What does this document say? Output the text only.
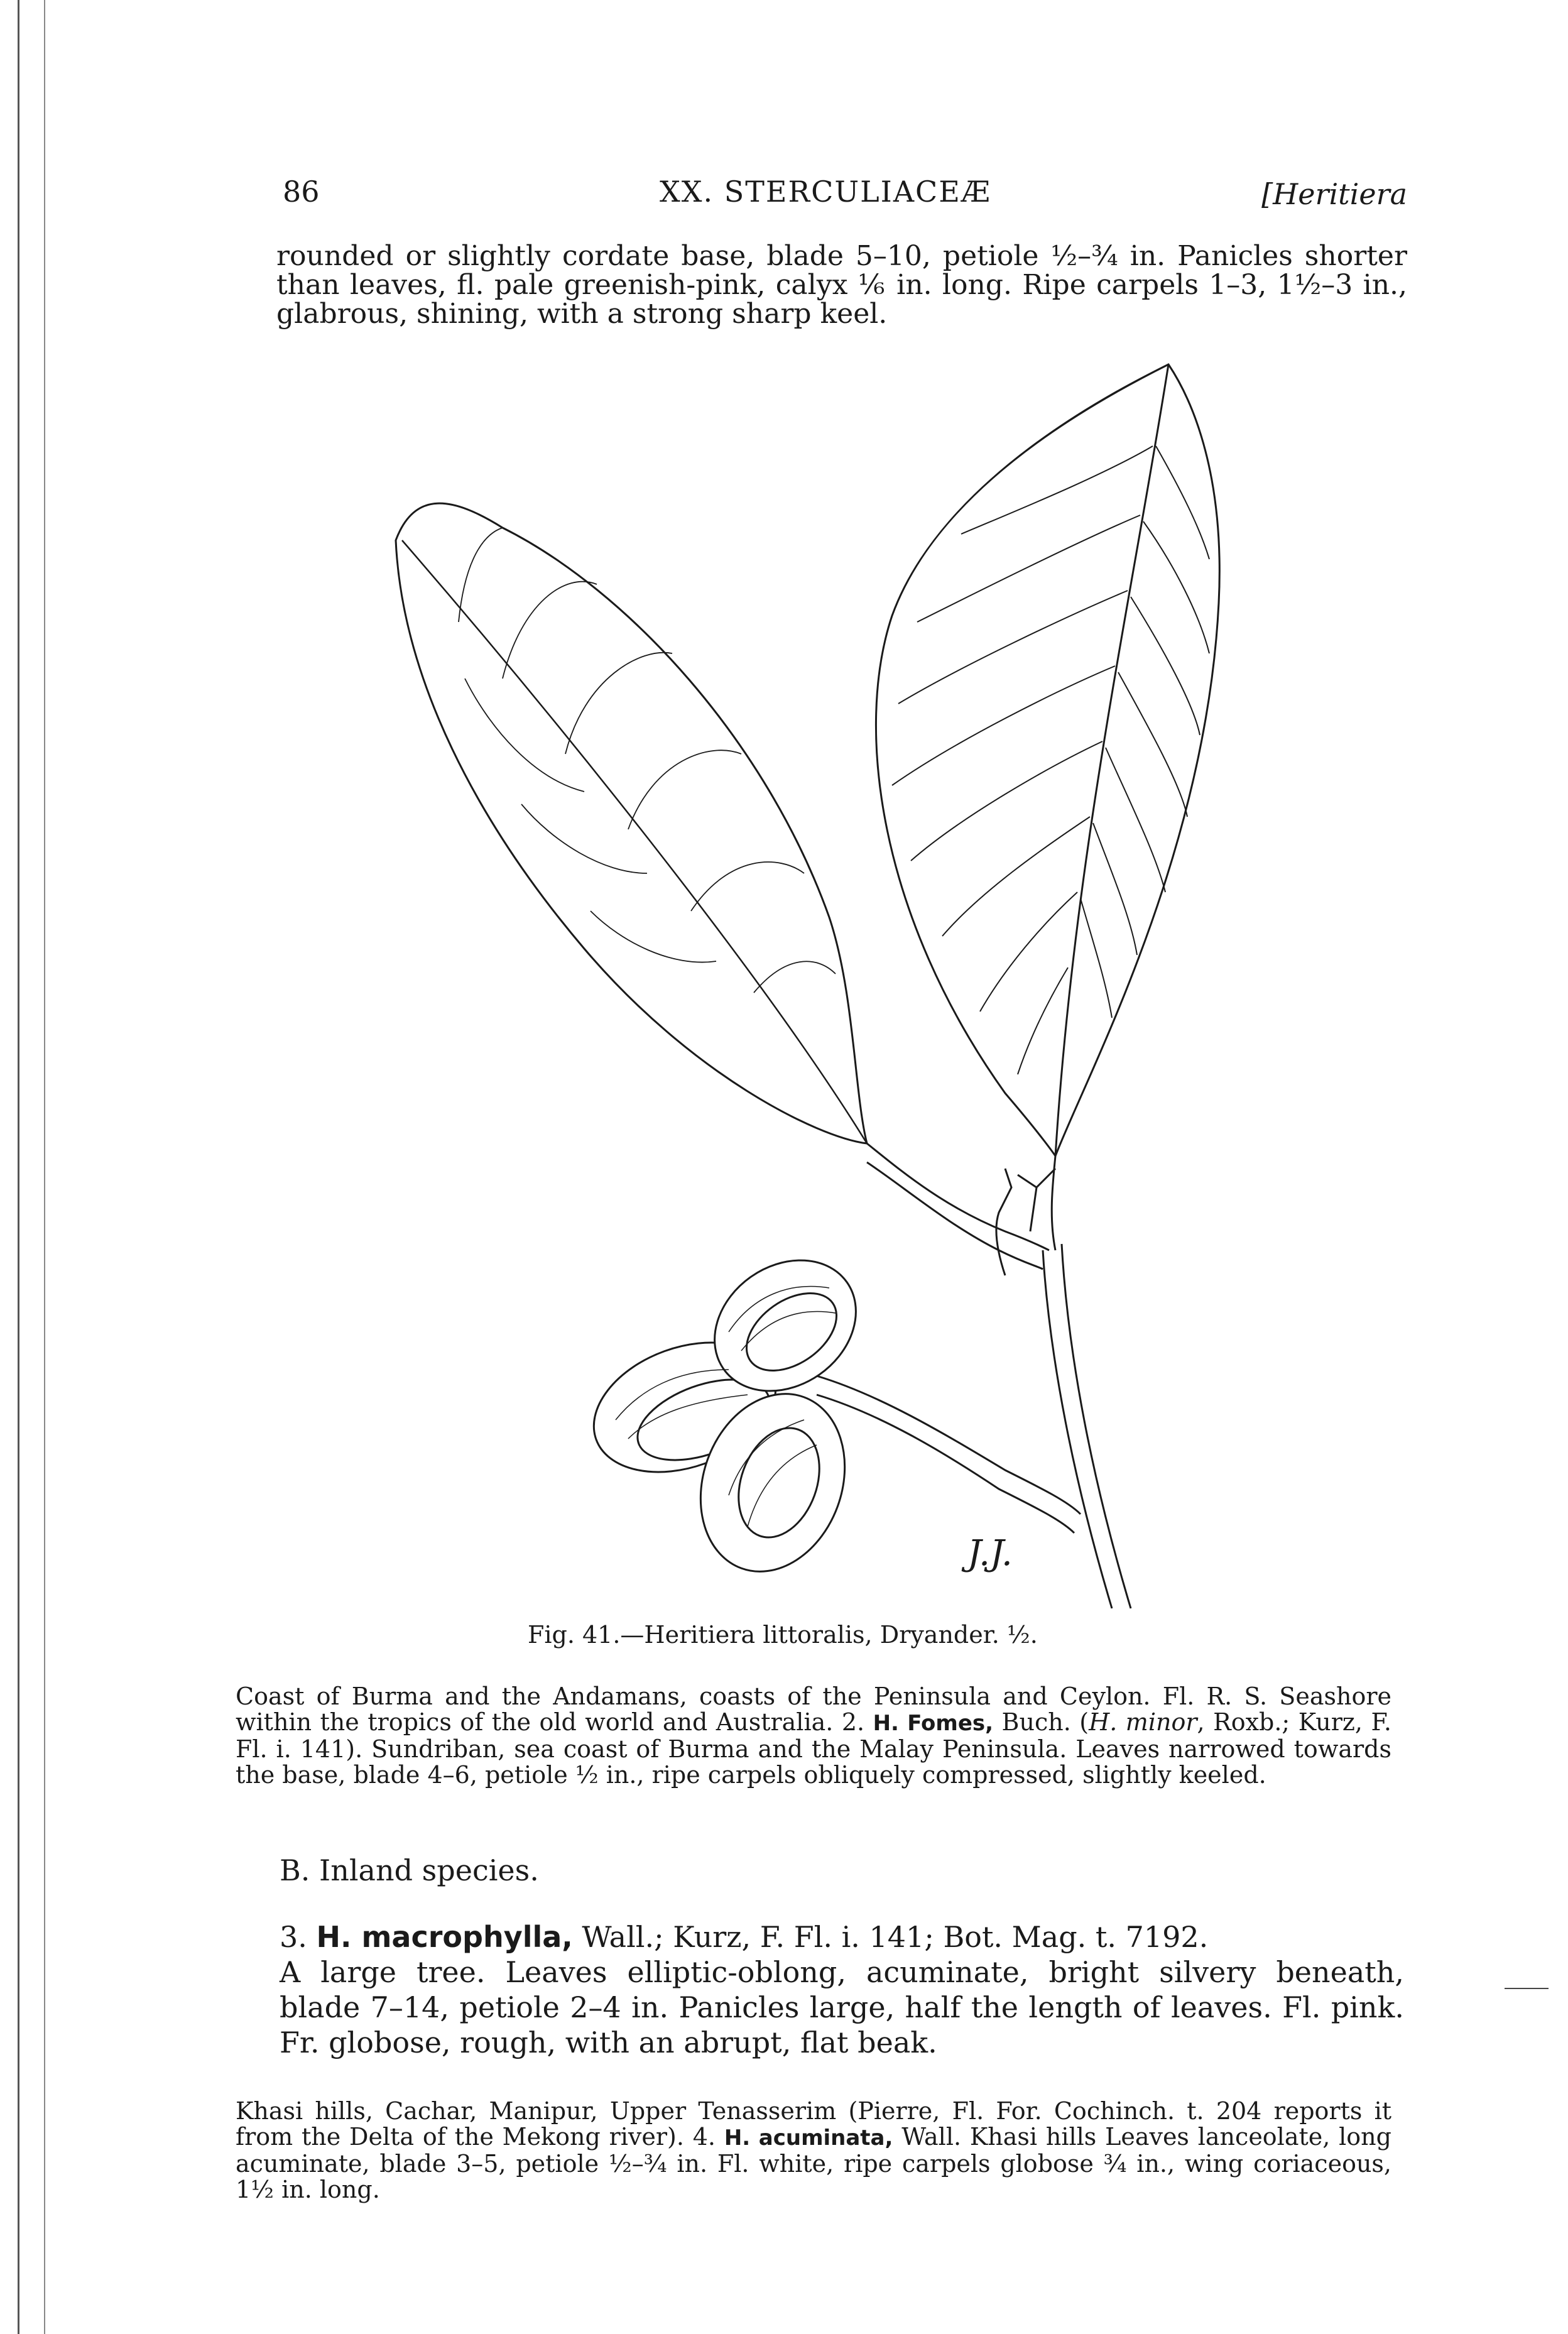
86	XX. STERCULIACEÆ	[Heritiera
rounded or slightly cordate base, blade 5–10, petiole ½–¾ in. Panicles shorter than leaves, fl. pale greenish-pink, calyx ⅙ in. long. Ripe carpels 1–3, 1½–3 in., glabrous, shining, with a strong sharp keel.
J.J.
Fig. 41.—Heritiera littoralis, Dryander. ½.
Coast of Burma and the Andamans, coasts of the Peninsula and Ceylon. Fl. R. S. Seashore within the tropics of the old world and Australia. 2. H. Fomes, Buch. (H. minor, Roxb.; Kurz, F. Fl. i. 141). Sundriban, sea coast of Burma and the Malay Peninsula. Leaves narrowed towards the base, blade 4–6, petiole ½ in., ripe carpels obliquely compressed, slightly keeled.
B. Inland species.
3. H. macrophylla, Wall.; Kurz, F. Fl. i. 141; Bot. Mag. t. 7192.
A large tree. Leaves elliptic-oblong, acuminate, bright silvery beneath, blade 7–14, petiole 2–4 in. Panicles large, half the length of leaves. Fl. pink. Fr. globose, rough, with an abrupt, flat beak.
Khasi hills, Cachar, Manipur, Upper Tenasserim (Pierre, Fl. For. Cochinch. t. 204 reports it from the Delta of the Mekong river). 4. H. acuminata, Wall. Khasi hills Leaves lanceolate, long acuminate, blade 3–5, petiole ½–¾ in. Fl. white, ripe carpels globose ¾ in., wing coriaceous, 1½ in. long.
